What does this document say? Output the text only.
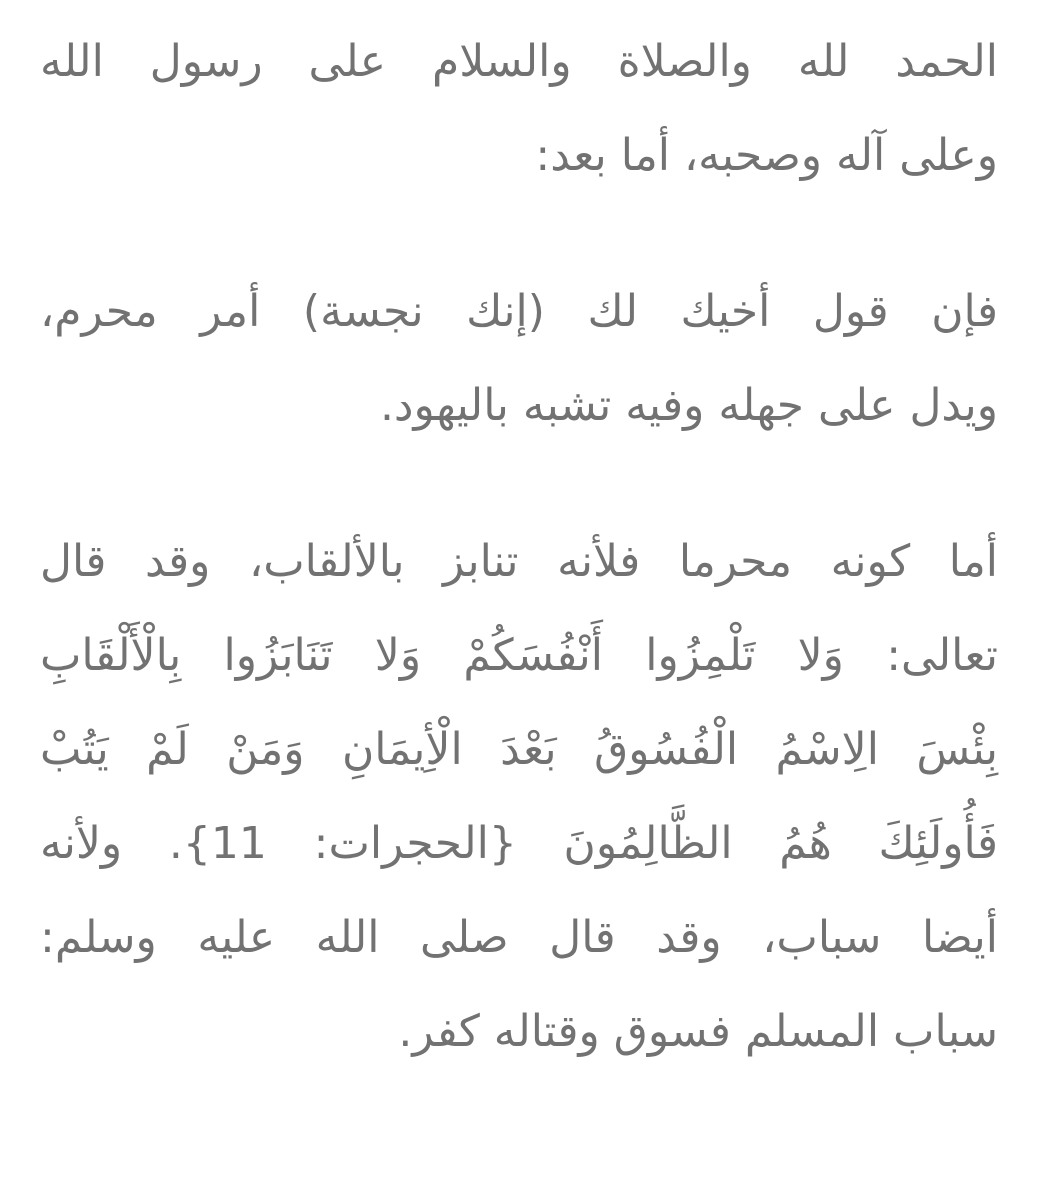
الحمد لله والصلاة والسلام على رسول الله
وعلى آله وصحبه، أما بعد:
فإن قول أخيك لك (إنك نجسة) أمر محرم،
ويدل على جهله وفيه تشبه باليهود.
أما كونه محرما فلأنه تنابز بالألقاب، وقد قال
تعالى: وَلا تَلْمِزُوا أَنْفُسَكُمْ وَلا تَنَابَزُوا بِالْأَلْقَابِ
بِئْسَ الِاسْمُ الْفُسُوقُ بَعْدَ الْأِيمَانِ وَمَنْ لَمْ يَتُبْ
فَأُولَئِكَ هُمُ الظَّالِمُونَ {الحجرات: 11}. ولأنه
أيضا سباب، وقد قال صلى الله عليه وسلم:
سباب المسلم فسوق وقتاله كفر.
